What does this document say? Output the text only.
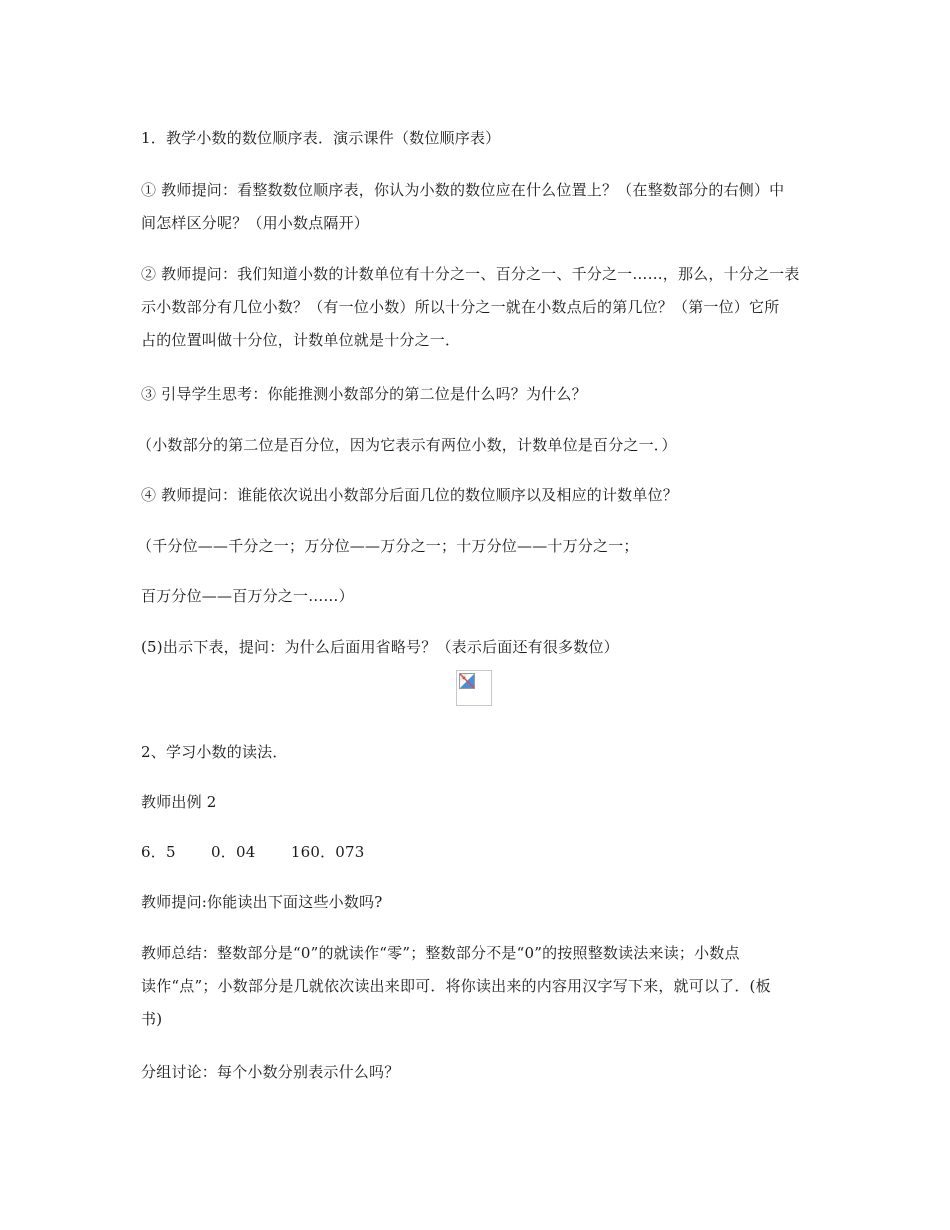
1．教学小数的数位顺序表．演示课件（数位顺序表）
① 教师提问：看整数数位顺序表，你认为小数的数位应在什么位置上？（在整数部分的右侧）中
间怎样区分呢？（用小数点隔开）
② 教师提问：我们知道小数的计数单位有十分之一、百分之一、千分之一……，那么，十分之一表
示小数部分有几位小数？（有一位小数）所以十分之一就在小数点后的第几位？（第一位）它所
占的位置叫做十分位，计数单位就是十分之一．
③ 引导学生思考：你能推测小数部分的第二位是什么吗？为什么？
（小数部分的第二位是百分位，因为它表示有两位小数，计数单位是百分之一．）
④ 教师提问：谁能依次说出小数部分后面几位的数位顺序以及相应的计数单位？
（千分位——千分之一；万分位——万分之一；十万分位——十万分之一；
百万分位——百万分之一……）
(5)出示下表，提问：为什么后面用省略号？（表示后面还有很多数位）
2、学习小数的读法．
教师出例 2
6．5　　 0．04　　 160．073
教师提问:你能读出下面这些小数吗?
教师总结：整数部分是“0”的就读作“零”；整数部分不是“0”的按照整数读法来读；小数点
读作“点”；小数部分是几就依次读出来即可．将你读出来的内容用汉字写下来，就可以了．(板
书)
分组讨论：每个小数分别表示什么吗？
